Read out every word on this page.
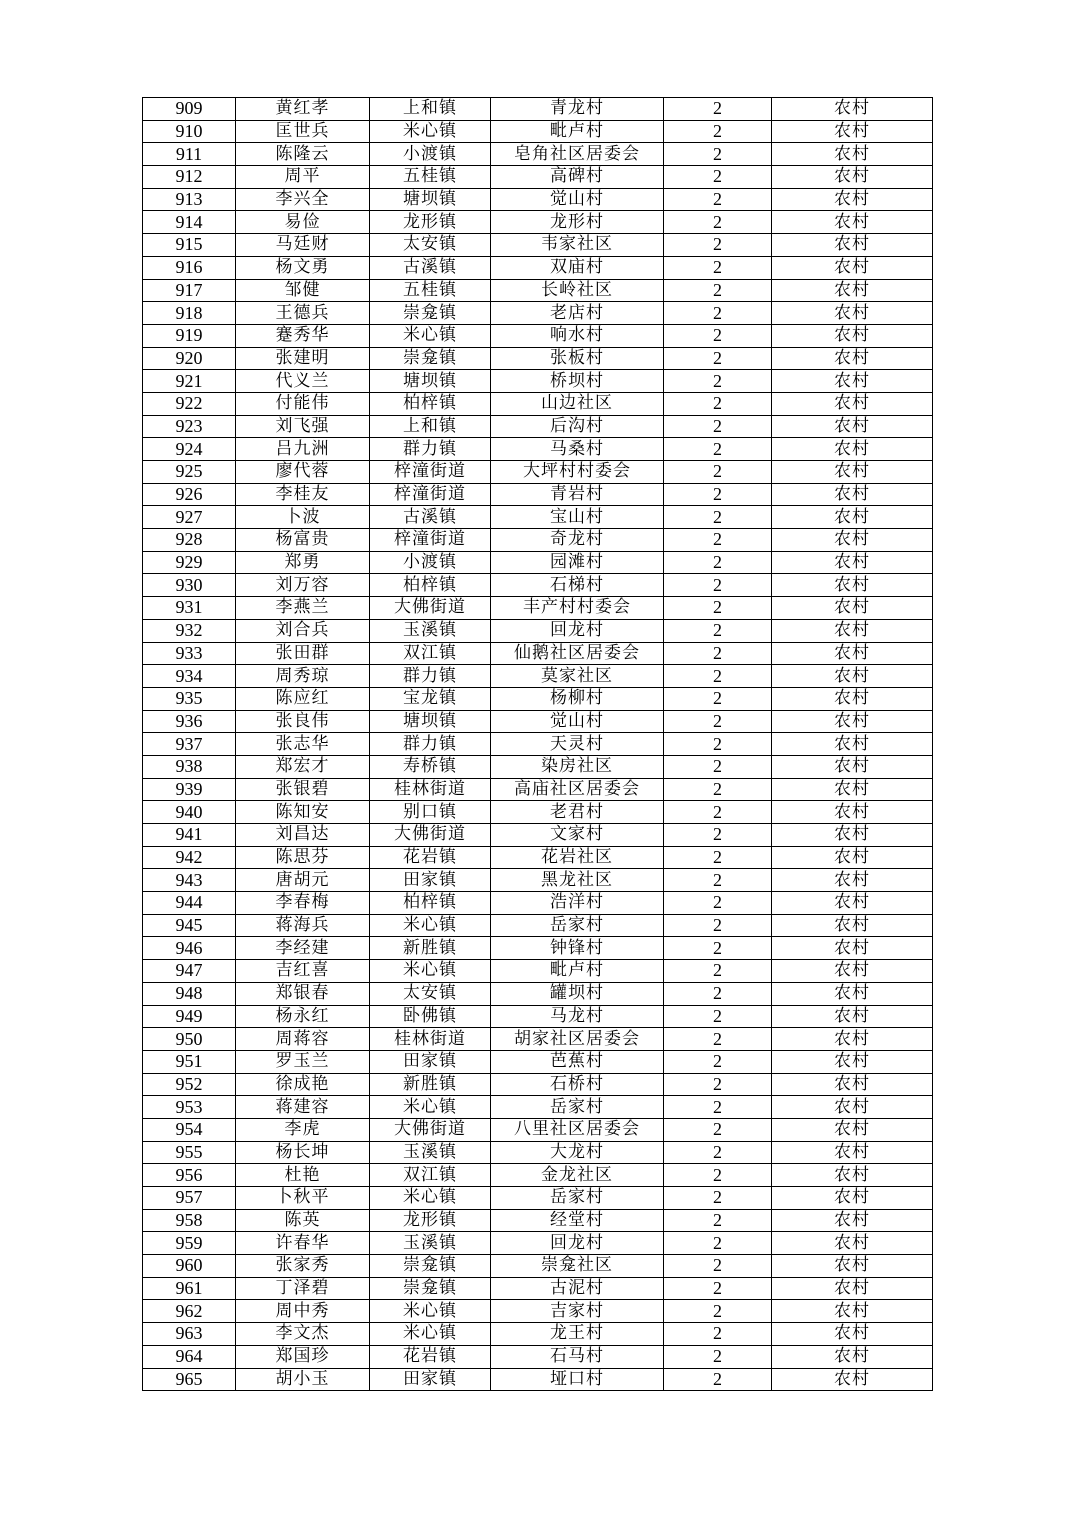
909	黄红孝	上和镇	青龙村	2	农村
910	匡世兵	米心镇	毗卢村	2	农村
911	陈隆云	小渡镇	皂角社区居委会	2	农村
912	周平	五桂镇	高碑村	2	农村
913	李兴全	塘坝镇	觉山村	2	农村
914	易俭	龙形镇	龙形村	2	农村
915	马廷财	太安镇	韦家社区	2	农村
916	杨文勇	古溪镇	双庙村	2	农村
917	邹健	五桂镇	长岭社区	2	农村
918	王德兵	崇龛镇	老店村	2	农村
919	蹇秀华	米心镇	响水村	2	农村
920	张建明	崇龛镇	张板村	2	农村
921	代义兰	塘坝镇	桥坝村	2	农村
922	付能伟	柏梓镇	山边社区	2	农村
923	刘飞强	上和镇	后沟村	2	农村
924	吕九洲	群力镇	马桑村	2	农村
925	廖代蓉	梓潼街道	大坪村村委会	2	农村
926	李桂友	梓潼街道	青岩村	2	农村
927	卜波	古溪镇	宝山村	2	农村
928	杨富贵	梓潼街道	奇龙村	2	农村
929	郑勇	小渡镇	园滩村	2	农村
930	刘万容	柏梓镇	石梯村	2	农村
931	李燕兰	大佛街道	丰产村村委会	2	农村
932	刘合兵	玉溪镇	回龙村	2	农村
933	张田群	双江镇	仙鹅社区居委会	2	农村
934	周秀琼	群力镇	莫家社区	2	农村
935	陈应红	宝龙镇	杨柳村	2	农村
936	张良伟	塘坝镇	觉山村	2	农村
937	张志华	群力镇	天灵村	2	农村
938	郑宏才	寿桥镇	染房社区	2	农村
939	张银碧	桂林街道	高庙社区居委会	2	农村
940	陈知安	别口镇	老君村	2	农村
941	刘昌达	大佛街道	文家村	2	农村
942	陈思芬	花岩镇	花岩社区	2	农村
943	唐胡元	田家镇	黑龙社区	2	农村
944	李春梅	柏梓镇	浩洋村	2	农村
945	蒋海兵	米心镇	岳家村	2	农村
946	李经建	新胜镇	钟锋村	2	农村
947	吉红喜	米心镇	毗卢村	2	农村
948	郑银春	太安镇	罐坝村	2	农村
949	杨永红	卧佛镇	马龙村	2	农村
950	周蒋容	桂林街道	胡家社区居委会	2	农村
951	罗玉兰	田家镇	芭蕉村	2	农村
952	徐成艳	新胜镇	石桥村	2	农村
953	蒋建容	米心镇	岳家村	2	农村
954	李虎	大佛街道	八里社区居委会	2	农村
955	杨长坤	玉溪镇	大龙村	2	农村
956	杜艳	双江镇	金龙社区	2	农村
957	卜秋平	米心镇	岳家村	2	农村
958	陈英	龙形镇	经堂村	2	农村
959	许春华	玉溪镇	回龙村	2	农村
960	张家秀	崇龛镇	崇龛社区	2	农村
961	丁泽碧	崇龛镇	古泥村	2	农村
962	周中秀	米心镇	吉家村	2	农村
963	李文杰	米心镇	龙王村	2	农村
964	郑国珍	花岩镇	石马村	2	农村
965	胡小玉	田家镇	垭口村	2	农村
